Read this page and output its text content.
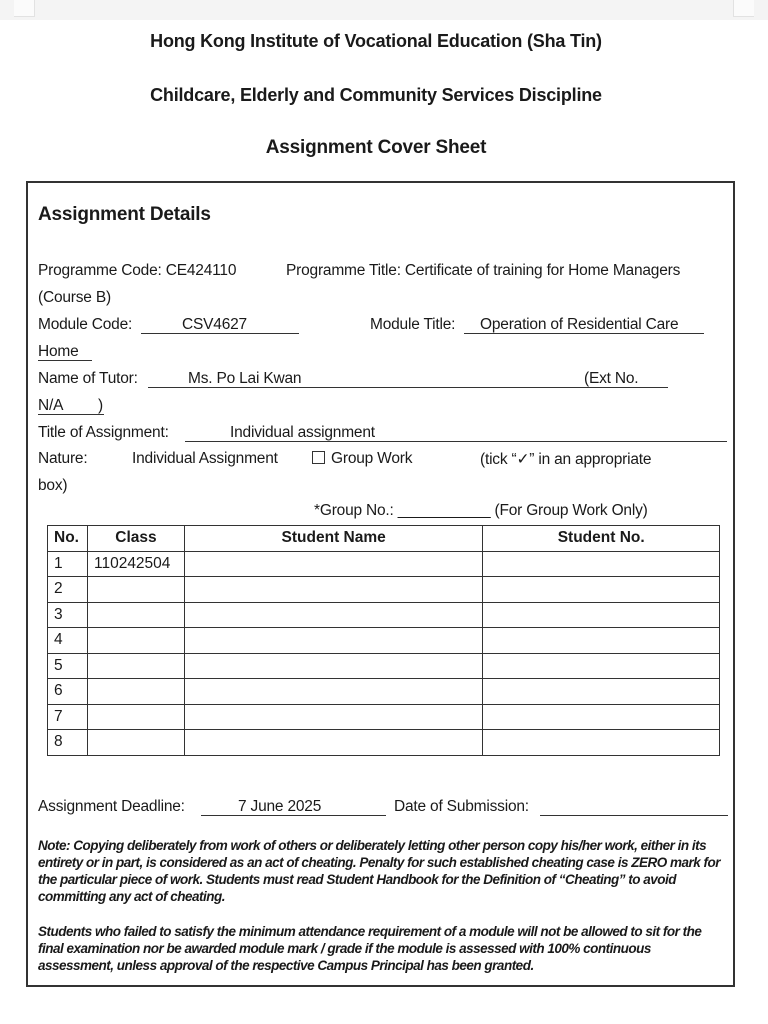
Hong Kong Institute of Vocational Education (Sha Tin)
Childcare, Elderly and Community Services Discipline
Assignment Cover Sheet
Assignment Details
Programme Code: CE424110	Programme Title: Certificate of training for Home Managers
(Course B)
Module Code:	CSV4627	Module Title: Operation of Residential Care
Home
Name of Tutor:	Ms. Po Lai Kwan	(Ext No.
N/A )
Title of Assignment:	Individual assignment
Nature:	Individual Assignment	Group Work	(tick “✓” in an appropriate
box)
*Group No.: ___________ (For Group Work Only)
No.	Class	Student Name	Student No.
1	110242504		
2			
3			
4			
5			
6			
7			
8			
Assignment Deadline:	7 June 2025	Date of Submission:
Note: Copying deliberately from work of others or deliberately letting other person copy his/her work, either in its entirety or in part, is considered as an act of cheating. Penalty for such established cheating case is ZERO mark for the particular piece of work. Students must read Student Handbook for the Definition of “Cheating” to avoid committing any act of cheating.
Students who failed to satisfy the minimum attendance requirement of a module will not be allowed to sit for the final examination nor be awarded module mark / grade if the module is assessed with 100% continuous assessment, unless approval of the respective Campus Principal has been granted.
